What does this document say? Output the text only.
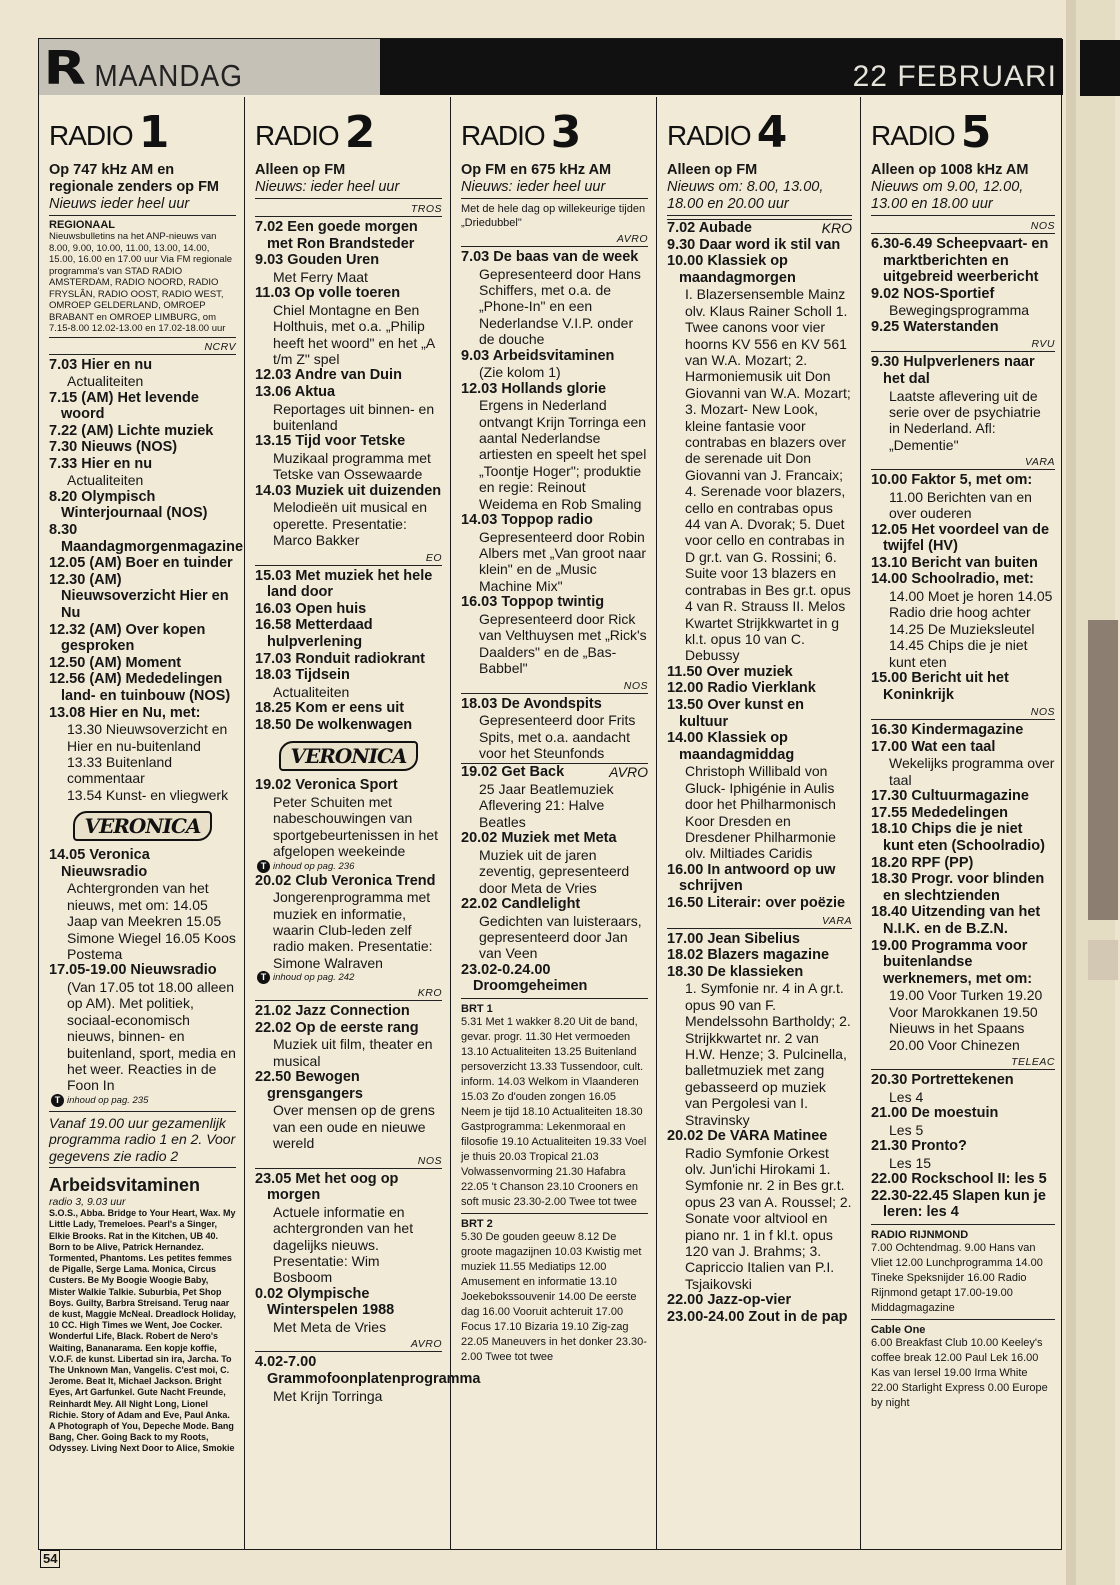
R MAANDAG	22 FEBRUARI
RADIO 1
Op 747 kHz AM en regionale zenders op FM
Nieuws ieder heel uur
REGIONAAL
Nieuwsbulletins na het ANP-nieuws van 8.00, 9.00, 10.00, 11.00, 13.00, 14.00, 15.00, 16.00 en 17.00 uur Via FM regionale programma's van STAD RADIO AMSTERDAM, RADIO NOORD, RADIO FRYSLÂN, RADIO OOST, RADIO WEST, OMROEP GELDERLAND, OMROEP BRABANT en OMROEP LIMBURG, om 7.15-8.00 12.02-13.00 en 17.02-18.00 uur
NCRV
7.03 Hier en nu
Actualiteiten
7.15 (AM) Het levende woord
7.22 (AM) Lichte muziek
7.30 Nieuws (NOS)
7.33 Hier en nu
Actualiteiten
8.20 Olympisch Winterjournaal (NOS)
8.30 Maandagmorgenmagazine
12.05 (AM) Boer en tuinder
12.30 (AM) Nieuwsoverzicht Hier en Nu
12.32 (AM) Over kopen gesproken
12.50 (AM) Moment
12.56 (AM) Mededelingen land- en tuinbouw (NOS)
13.08 Hier en Nu, met:
13.30 Nieuwsoverzicht en Hier en nu-buitenland
13.33 Buitenland commentaar
13.54 Kunst- en vliegwerk
VERONICA
14.05 Veronica Nieuwsradio
Achtergronden van het nieuws, met om: 14.05 Jaap van Meekren 15.05 Simone Wiegel 16.05 Koos Postema
17.05-19.00 Nieuwsradio
(Van 17.05 tot 18.00 alleen op AM). Met politiek, sociaal-economisch nieuws, binnen- en buitenland, sport, media en het weer. Reacties in de Foon In
T inhoud op pag. 235
Vanaf 19.00 uur gezamenlijk programma radio 1 en 2. Voor gegevens zie radio 2
Arbeidsvitaminen
radio 3, 9.03 uur
S.O.S., Abba. Bridge to Your Heart, Wax. My Little Lady, Tremeloes. Pearl's a Singer, Elkie Brooks. Rat in the Kitchen, UB 40. Born to be Alive, Patrick Hernandez. Tormented, Phantoms. Les petites femmes de Pigalle, Serge Lama. Monica, Circus Custers. Be My Boogie Woogie Baby, Mister Walkie Talkie. Suburbia, Pet Shop Boys. Guilty, Barbra Streisand. Terug naar de kust, Maggie McNeal. Dreadlock Holiday, 10 CC. High Times we Went, Joe Cocker. Wonderful Life, Black. Robert de Nero's Waiting, Bananarama. Een kopje koffie, V.O.F. de kunst. Libertad sin ira, Jarcha. To The Unknown Man, Vangelis. C'est moi, C. Jerome. Beat It, Michael Jackson. Bright Eyes, Art Garfunkel. Gute Nacht Freunde, Reinhardt Mey. All Night Long, Lionel Richie. Story of Adam and Eve, Paul Anka. A Photograph of You, Depeche Mode. Bang Bang, Cher. Going Back to my Roots, Odyssey. Living Next Door to Alice, Smokie
RADIO 2
Alleen op FM
Nieuws: ieder heel uur
TROS
7.02 Een goede morgen met Ron Brandsteder
9.03 Gouden Uren
Met Ferry Maat
11.03 Op volle toeren
Chiel Montagne en Ben Holthuis, met o.a. „Philip heeft het woord" en het „A t/m Z" spel
12.03 Andre van Duin
13.06 Aktua
Reportages uit binnen- en buitenland
13.15 Tijd voor Tetske
Muzikaal programma met Tetske van Ossewaarde
14.03 Muziek uit duizenden
Melodieën uit musical en operette. Presentatie: Marco Bakker
EO
15.03 Met muziek het hele land door
16.03 Open huis
16.58 Metterdaad hulpverlening
17.03 Ronduit radiokrant
18.03 Tijdsein
Actualiteiten
18.25 Kom er eens uit
18.50 De wolkenwagen
VERONICA
19.02 Veronica Sport
Peter Schuiten met nabeschouwingen van sportgebeurtenissen in het afgelopen weekeinde
T inhoud op pag. 236
20.02 Club Veronica Trend
Jongerenprogramma met muziek en informatie, waarin Club-leden zelf radio maken. Presentatie: Simone Walraven
T inhoud op pag. 242
KRO
21.02 Jazz Connection
22.02 Op de eerste rang
Muziek uit film, theater en musical
22.50 Bewogen grensgangers
Over mensen op de grens van een oude en nieuwe wereld
NOS
23.05 Met het oog op morgen
Actuele informatie en achtergronden van het dagelijks nieuws. Presentatie: Wim Bosboom
0.02 Olympische Winterspelen 1988
Met Meta de Vries
AVRO
4.02-7.00 Grammofoonplatenprogramma
Met Krijn Torringa
RADIO 3
Op FM en 675 kHz AM
Nieuws: ieder heel uur
Met de hele dag op willekeurige tijden „Driedubbel"
AVRO
7.03 De baas van de week
Gepresenteerd door Hans Schiffers, met o.a. de „Phone-In" en een Nederlandse V.I.P. onder de douche
9.03 Arbeidsvitaminen
(Zie kolom 1)
12.03 Hollands glorie
Ergens in Nederland ontvangt Krijn Torringa een aantal Nederlandse artiesten en speelt het spel „Toontje Hoger"; produktie en regie: Reinout Weidema en Rob Smaling
14.03 Toppop radio
Gepresenteerd door Robin Albers met „Van groot naar klein" en de „Music Machine Mix"
16.03 Toppop twintig
Gepresenteerd door Rick van Velthuysen met „Rick's Daalders" en de „Bas-Babbel"
NOS
18.03 De Avondspits
Gepresenteerd door Frits Spits, met o.a. aandacht voor het Steunfonds
19.02 Get Back	AVRO
25 Jaar Beatlemuziek Aflevering 21: Halve Beatles
20.02 Muziek met Meta
Muziek uit de jaren zeventig, gepresenteerd door Meta de Vries
22.02 Candlelight
Gedichten van luisteraars, gepresenteerd door Jan van Veen
23.02-0.24.00 Droomgeheimen
BRT 1
5.31 Met 1 wakker 8.20 Uit de band, gevar. progr. 11.30 Het vermoeden 13.10 Actualiteiten 13.25 Buitenland persoverzicht 13.33 Tussendoor, cult. inform. 14.03 Welkom in Vlaanderen 15.03 Zo d'ouden zongen 16.05 Neem je tijd 18.10 Actualiteiten 18.30 Gastprogramma: Lekenmoraal en filosofie 19.10 Actualiteiten 19.33 Voel je thuis 20.03 Tropical 21.03 Volwassenvorming 21.30 Hafabra 22.05 't Chanson 23.10 Crooners en soft music 23.30-2.00 Twee tot twee
BRT 2
5.30 De gouden geeuw 8.12 De groote magazijnen 10.03 Kwistig met muziek 11.55 Mediatips 12.00 Amusement en informatie 13.10 Joekebokssouvenir 14.00 De eerste dag 16.00 Vooruit achteruit 17.00 Focus 17.10 Bizaria 19.10 Zig-zag 22.05 Maneuvers in het donker 23.30-2.00 Twee tot twee
RADIO 4
Alleen op FM
Nieuws om: 8.00, 13.00, 18.00 en 20.00 uur
7.02 Aubade	KRO
9.30 Daar word ik stil van
10.00 Klassiek op maandagmorgen
I. Blazersensemble Mainz olv. Klaus Rainer Scholl 1. Twee canons voor vier hoorns KV 556 en KV 561 van W.A. Mozart; 2. Harmoniemusik uit Don Giovanni van W.A. Mozart; 3. Mozart- New Look, kleine fantasie voor contrabas en blazers over de serenade uit Don Giovanni van J. Francaix; 4. Serenade voor blazers, cello en contrabas opus 44 van A. Dvorak; 5. Duet voor cello en contrabas in D gr.t. van G. Rossini; 6. Suite voor 13 blazers en contrabas in Bes gr.t. opus 4 van R. Strauss II. Melos Kwartet Strijkkwartet in g kl.t. opus 10 van C. Debussy
11.50 Over muziek
12.00 Radio Vierklank
13.50 Over kunst en kultuur
14.00 Klassiek op maandagmiddag
Christoph Willibald von Gluck- Iphigénie in Aulis door het Philharmonisch Koor Dresden en Dresdener Philharmonie olv. Miltiades Caridis
16.00 In antwoord op uw schrijven
16.50 Literair: over poëzie
VARA
17.00 Jean Sibelius
18.02 Blazers magazine
18.30 De klassieken
1. Symfonie nr. 4 in A gr.t. opus 90 van F. Mendelssohn Bartholdy; 2. Strijkkwartet nr. 2 van H.W. Henze; 3. Pulcinella, balletmuziek met zang gebasseerd op muziek van Pergolesi van I. Stravinsky
20.02 De VARA Matinee
Radio Symfonie Orkest olv. Jun'ichi Hirokami 1. Symfonie nr. 2 in Bes gr.t. opus 23 van A. Roussel; 2. Sonate voor altviool en piano nr. 1 in f kl.t. opus 120 van J. Brahms; 3. Capriccio Italien van P.I. Tsjaikovski
22.00 Jazz-op-vier
23.00-24.00 Zout in de pap
RADIO 5
Alleen op 1008 kHz AM
Nieuws om 9.00, 12.00, 13.00 en 18.00 uur
NOS
6.30-6.49 Scheepvaart- en marktberichten en uitgebreid weerbericht
9.02 NOS-Sportief
Bewegingsprogramma
9.25 Waterstanden
RVU
9.30 Hulpverleners naar het dal
Laatste aflevering uit de serie over de psychiatrie in Nederland. Afl: „Dementie"
VARA
10.00 Faktor 5, met om:
11.00 Berichten van en over ouderen
12.05 Het voordeel van de twijfel (HV)
13.10 Bericht van buiten
14.00 Schoolradio, met:
14.00 Moet je horen 14.05 Radio drie hoog achter 14.25 De Muzieksleutel 14.45 Chips die je niet kunt eten
15.00 Bericht uit het Koninkrijk
NOS
16.30 Kindermagazine
17.00 Wat een taal
Wekelijks programma over taal
17.30 Cultuurmagazine
17.55 Mededelingen
18.10 Chips die je niet kunt eten (Schoolradio)
18.20 RPF (PP)
18.30 Progr. voor blinden en slechtzienden
18.40 Uitzending van het N.I.K. en de B.Z.N.
19.00 Programma voor buitenlandse werknemers, met om:
19.00 Voor Turken 19.20 Voor Marokkanen 19.50 Nieuws in het Spaans 20.00 Voor Chinezen
TELEAC
20.30 Portrettekenen
Les 4
21.00 De moestuin
Les 5
21.30 Pronto?
Les 15
22.00 Rockschool II: les 5
22.30-22.45 Slapen kun je leren: les 4
RADIO RIJNMOND
7.00 Ochtendmag. 9.00 Hans van Vliet 12.00 Lunchprogramma 14.00 Tineke Speksnijder 16.00 Radio Rijnmond getapt 17.00-19.00 Middagmagazine
Cable One
6.00 Breakfast Club 10.00 Keeley's coffee break 12.00 Paul Lek 16.00 Kas van Iersel 19.00 Irma White 22.00 Starlight Express 0.00 Europe by night
54
